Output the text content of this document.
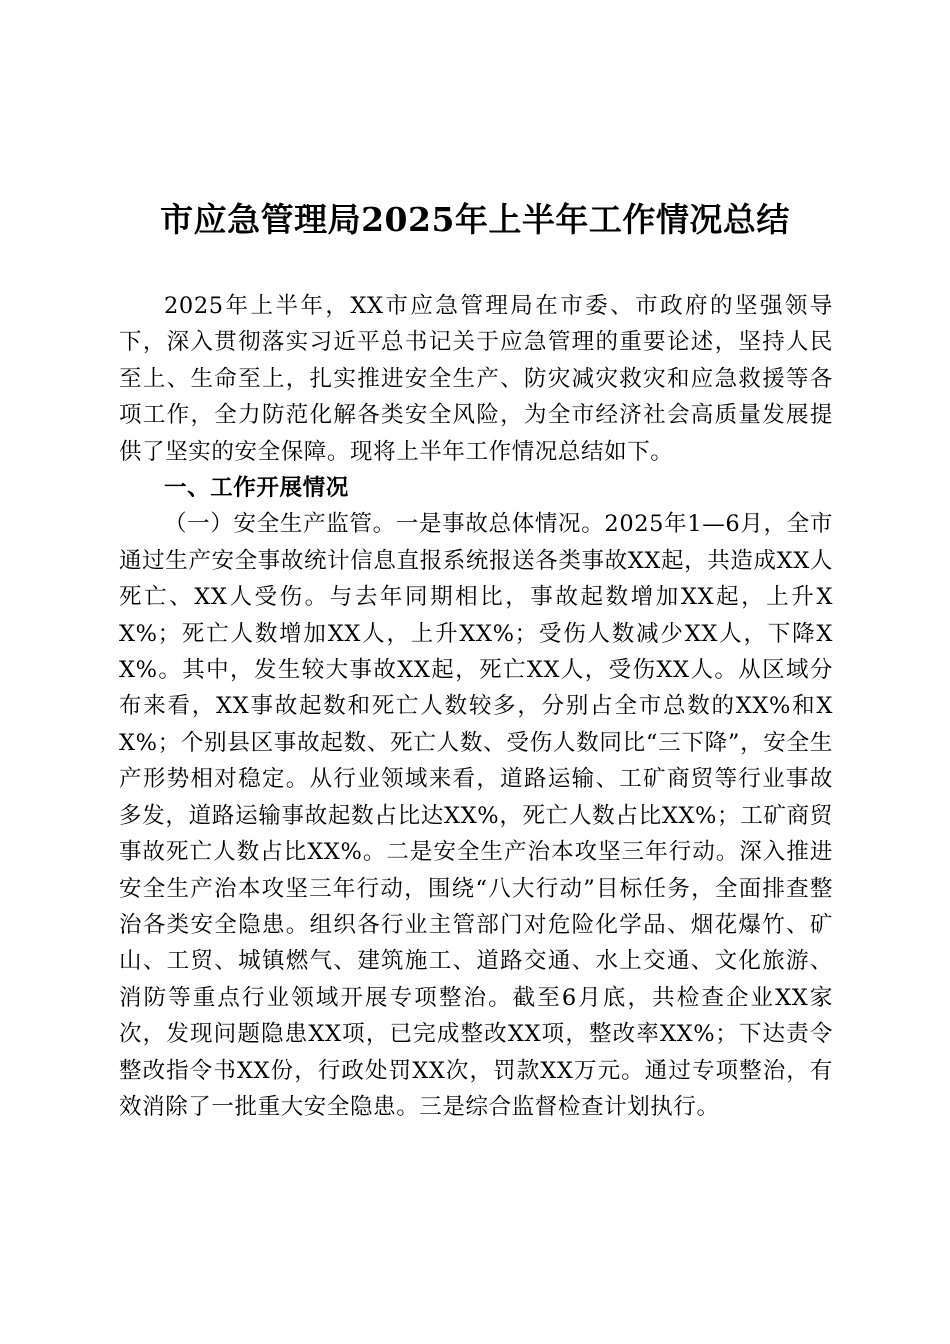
市应急管理局2025年上半年工作情况总结

2025年上半年，XX市应急管理局在市委、市政府的坚强领导下，深入贯彻落实习近平总书记关于应急管理的重要论述，坚持人民至上、生命至上，扎实推进安全生产、防灾减灾救灾和应急救援等各项工作，全力防范化解各类安全风险，为全市经济社会高质量发展提供了坚实的安全保障。现将上半年工作情况总结如下。

一、工作开展情况

（一）安全生产监管。一是事故总体情况。2025年1—6月，全市通过生产安全事故统计信息直报系统报送各类事故XX起，共造成XX人死亡、XX人受伤。与去年同期相比，事故起数增加XX起，上升XX%；死亡人数增加XX人，上升XX%；受伤人数减少XX人，下降XX%。其中，发生较大事故XX起，死亡XX人，受伤XX人。从区域分布来看，XX事故起数和死亡人数较多，分别占全市总数的XX%和XX%；个别县区事故起数、死亡人数、受伤人数同比“三下降”，安全生产形势相对稳定。从行业领域来看，道路运输、工矿商贸等行业事故多发，道路运输事故起数占比达XX%，死亡人数占比XX%；工矿商贸事故死亡人数占比XX%。二是安全生产治本攻坚三年行动。深入推进安全生产治本攻坚三年行动，围绕“八大行动”目标任务，全面排查整治各类安全隐患。组织各行业主管部门对危险化学品、烟花爆竹、矿山、工贸、城镇燃气、建筑施工、道路交通、水上交通、文化旅游、消防等重点行业领域开展专项整治。截至6月底，共检查企业XX家次，发现问题隐患XX项，已完成整改XX项，整改率XX%；下达责令整改指令书XX份，行政处罚XX次，罚款XX万元。通过专项整治，有效消除了一批重大安全隐患。三是综合监督检查计划执行。
